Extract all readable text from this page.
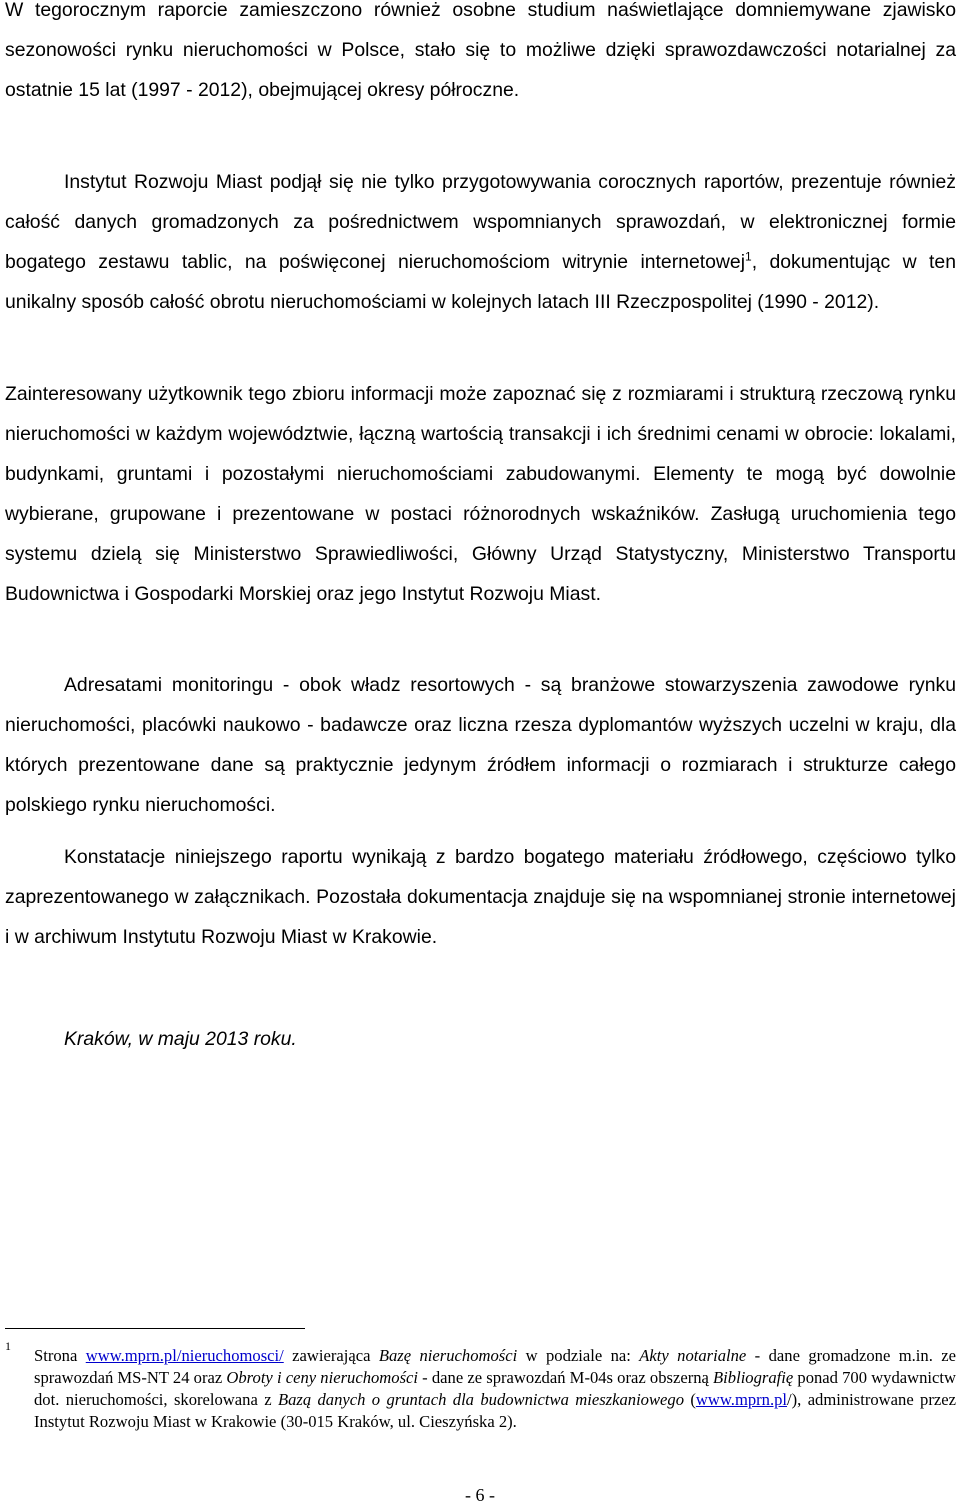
W tegorocznym raporcie zamieszczono również osobne studium naświetlające domniemywane zjawisko sezonowości rynku nieruchomości w Polsce, stało się to możliwe dzięki sprawozdawczości notarialnej za ostatnie 15 lat (1997 - 2012), obejmującej okresy półroczne.

Instytut Rozwoju Miast podjął się nie tylko przygotowywania corocznych raportów, prezentuje również całość danych gromadzonych za pośrednictwem wspomnianych sprawozdań, w elektronicznej formie bogatego zestawu tablic, na poświęconej nieruchomościom witrynie internetowej$^1$, dokumentując w ten unikalny sposób całość obrotu nieruchomościami w kolejnych latach III Rzeczpospolitej (1990 - 2012).

Zainteresowany użytkownik tego zbioru informacji może zapoznać się z rozmiarami i strukturą rzeczową rynku nieruchomości w każdym województwie, łączną wartością transakcji i ich średnimi cenami w obrocie: lokalami, budynkami, gruntami i pozostałymi nieruchomościami zabudowanymi. Elementy te mogą być dowolnie wybierane, grupowane i prezentowane w postaci różnorodnych wskaźników. Zasługą uruchomienia tego systemu dzielą się Ministerstwo Sprawiedliwości, Główny Urząd Statystyczny, Ministerstwo Transportu Budownictwa i Gospodarki Morskiej oraz jego Instytut Rozwoju Miast.

Adresatami monitoringu - obok władz resortowych - są branżowe stowarzyszenia zawodowe rynku nieruchomości, placówki naukowo - badawcze oraz liczna rzesza dyplomantów wyższych uczelni w kraju, dla których prezentowane dane są praktycznie jedynym źródłem informacji o rozmiarach i strukturze całego polskiego rynku nieruchomości.

Konstatacje niniejszego raportu wynikają z bardzo bogatego materiału źródłowego, częściowo tylko zaprezentowanego w załącznikach. Pozostała dokumentacja znajduje się na wspomnianej stronie internetowej i w archiwum Instytutu Rozwoju Miast w Krakowie.

Kraków, w maju 2013 roku.

1 Strona www.mprn.pl/nieruchomosci/ zawierająca Bazę nieruchomości w podziale na: Akty notarialne - dane gromadzone m.in. ze sprawozdań MS-NT 24 oraz Obroty i ceny nieruchomości - dane ze sprawozdań M-04s oraz obszerną Bibliografię ponad 700 wydawnictw dot. nieruchomości, skorelowana z Bazą danych o gruntach dla budownictwa mieszkaniowego (www.mprn.pl/), administrowane przez Instytut Rozwoju Miast w Krakowie (30-015 Kraków, ul. Cieszyńska 2).

- 6 -
